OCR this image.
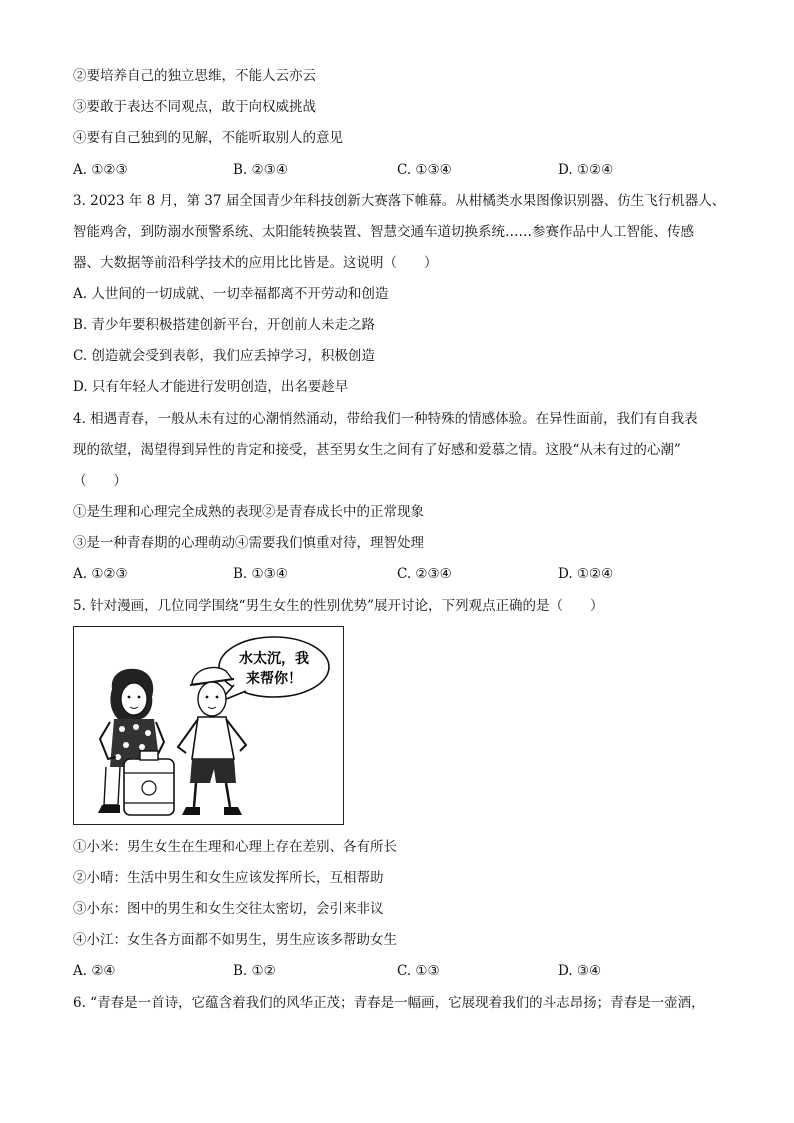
②要培养自己的独立思维，不能人云亦云
③要敢于表达不同观点，敢于向权威挑战
④要有自己独到的见解，不能听取别人的意见
A. ①②③	B. ②③④	C. ①③④	D. ①②④
3. 2023 年 8 月，第 37 届全国青少年科技创新大赛落下帷幕。从柑橘类水果图像识别器、仿生飞行机器人、
智能鸡舍，到防溺水预警系统、太阳能转换装置、智慧交通车道切换系统……参赛作品中人工智能、传感
器、大数据等前沿科学技术的应用比比皆是。这说明（　　）
A. 人世间的一切成就、一切幸福都离不开劳动和创造
B. 青少年要积极搭建创新平台，开创前人未走之路
C. 创造就会受到表彰，我们应丢掉学习，积极创造
D. 只有年轻人才能进行发明创造，出名要趁早
4. 相遇青春，一般从未有过的心潮悄然涌动，带给我们一种特殊的情感体验。在异性面前，我们有自我表
现的欲望，渴望得到异性的肯定和接受，甚至男女生之间有了好感和爱慕之情。这股“从未有过的心潮”
（　　）
①是生理和心理完全成熟的表现②是青春成长中的正常现象
③是一种青春期的心理萌动④需要我们慎重对待，理智处理
A. ①②③	B. ①③④	C. ②③④	D. ①②④
5. 针对漫画，几位同学围绕“男生女生的性别优势”展开讨论，下列观点正确的是（　　）
水太沉，我
来帮你！
①小米：男生女生在生理和心理上存在差别、各有所长
②小晴：生活中男生和女生应该发挥所长，互相帮助
③小东：图中的男生和女生交往太密切，会引来非议
④小江：女生各方面都不如男生，男生应该多帮助女生
A. ②④	B. ①②	C. ①③	D. ③④
6. “青春是一首诗，它蕴含着我们的风华正茂；青春是一幅画，它展现着我们的斗志昂扬；青春是一壶酒，
